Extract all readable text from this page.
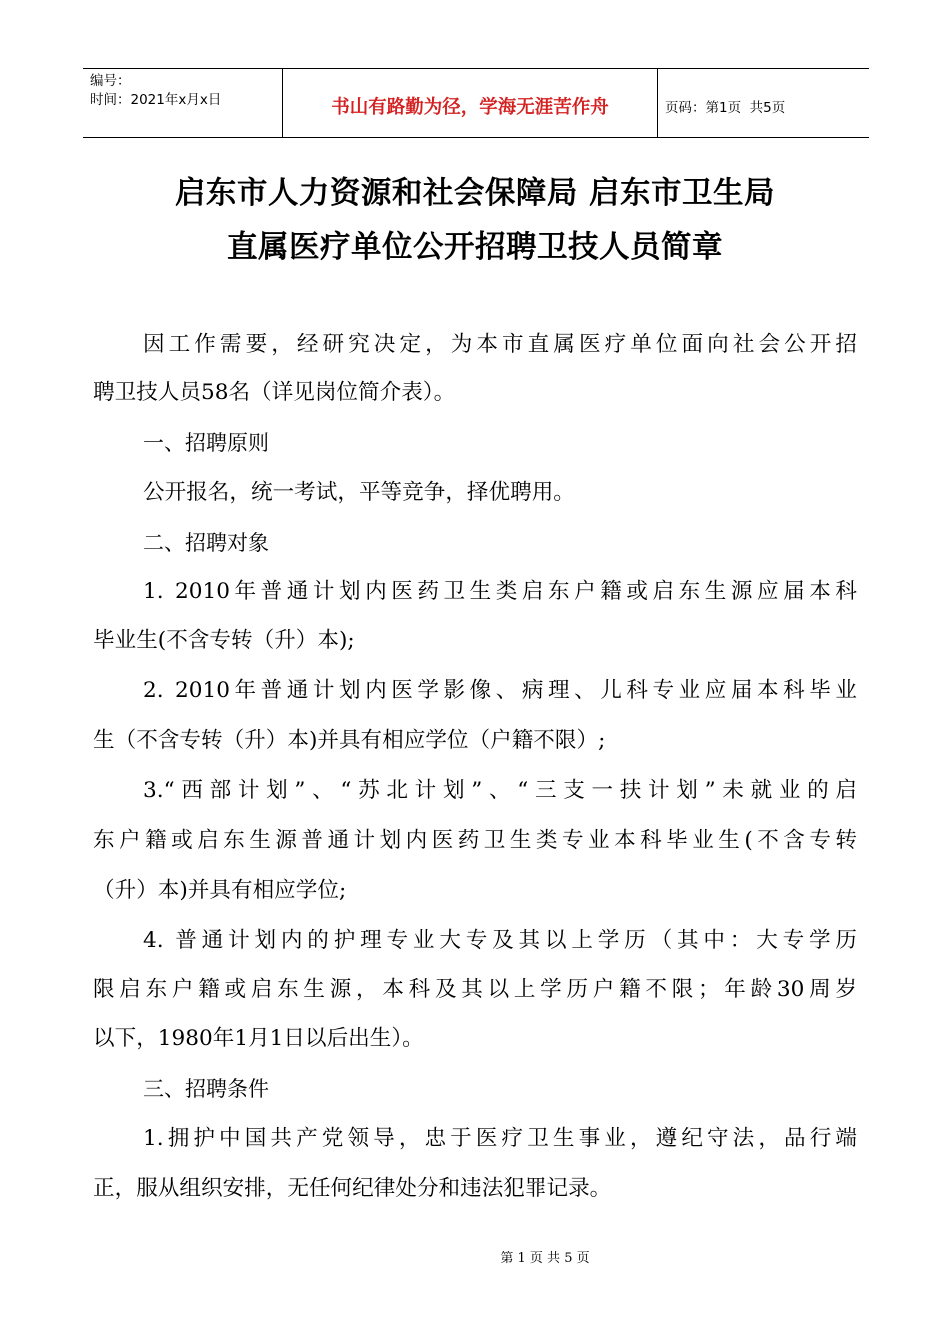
编号：
时间：2021年x月x日	书山有路勤为径，学海无涯苦作舟	页码：第1页  共5页
启东市人力资源和社会保障局 启东市卫生局
直属医疗单位公开招聘卫技人员简章
因工作需要，经研究决定，为本市直属医疗单位面向社会公开招
聘卫技人员58名（详见岗位简介表）。
一、招聘原则
公开报名，统一考试，平等竞争，择优聘用。
二、招聘对象
1. 2010年普通计划内医药卫生类启东户籍或启东生源应届本科
毕业生(不含专转（升）本);
2. 2010年普通计划内医学影像、病理、儿科专业应届本科毕业
生（不含专转（升）本)并具有相应学位（户籍不限）;
3.“西部计划”、“苏北计划”、“三支一扶计划”未就业的启
东户籍或启东生源普通计划内医药卫生类专业本科毕业生(不含专转
（升）本)并具有相应学位;
4. 普通计划内的护理专业大专及其以上学历（其中：大专学历
限启东户籍或启东生源，本科及其以上学历户籍不限；年龄30周岁
以下，1980年1月1日以后出生）。
三、招聘条件
1.拥护中国共产党领导，忠于医疗卫生事业，遵纪守法，品行端
正，服从组织安排，无任何纪律处分和违法犯罪记录。
第 1 页 共 5 页
